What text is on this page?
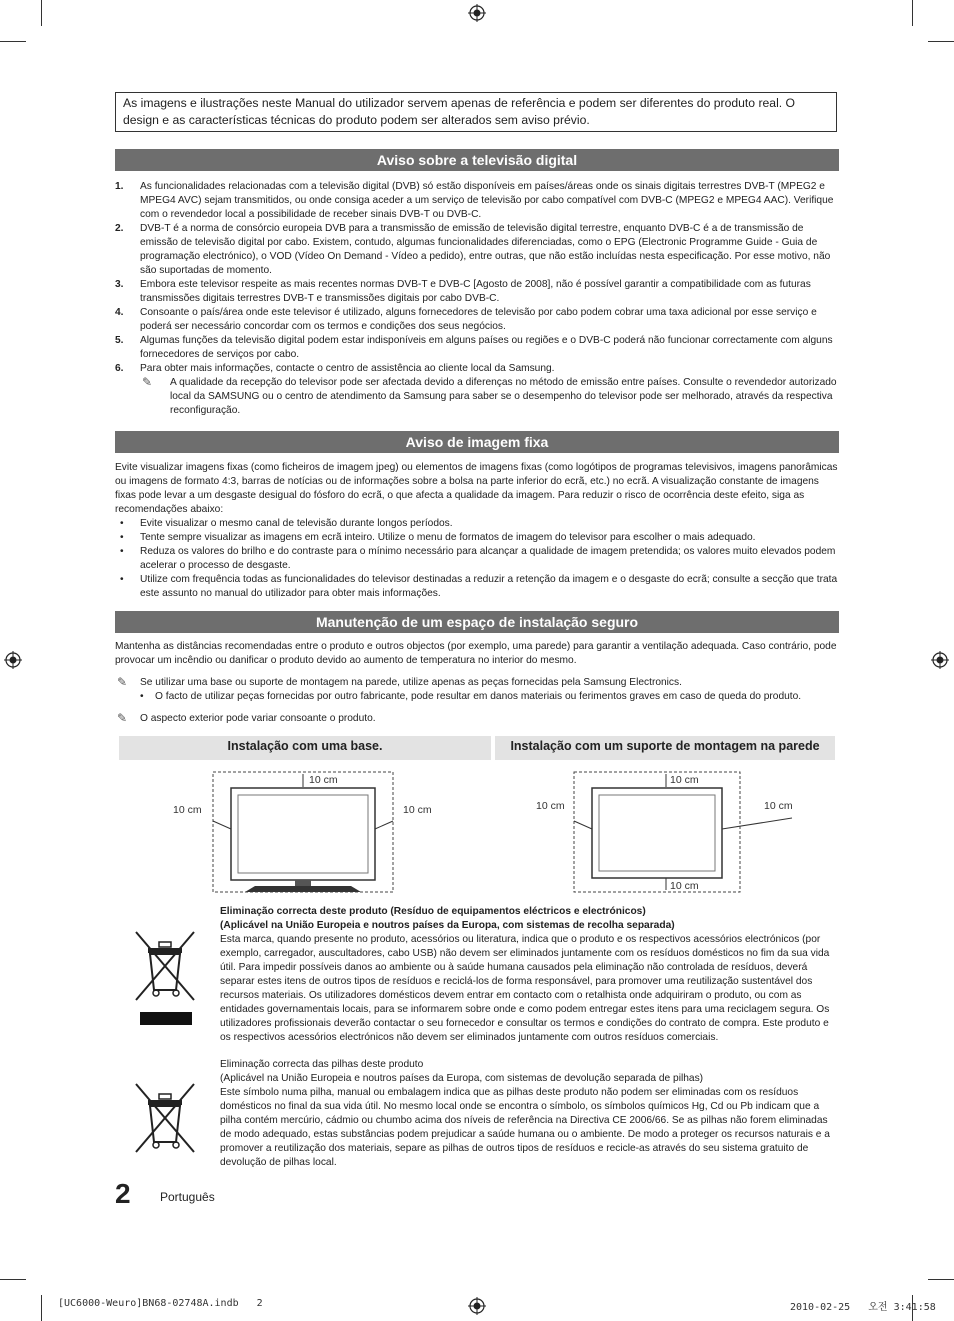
As imagens e ilustrações neste Manual do utilizador servem apenas de referência e podem ser diferentes do produto real. O design e as características técnicas do produto podem ser alterados sem aviso prévio.
Aviso sobre a televisão digital
1. As funcionalidades relacionadas com a televisão digital (DVB) só estão disponíveis em países/áreas onde os sinais digitais terrestres DVB-T (MPEG2 e MPEG4 AVC) sejam transmitidos, ou onde consiga aceder a um serviço de televisão por cabo compatível com DVB-C (MPEG2 e MPEG4 AAC). Verifique com o revendedor local a possibilidade de receber sinais DVB-T ou DVB-C.
2. DVB-T é a norma de consórcio europeia DVB para a transmissão de emissão de televisão digital terrestre, enquanto DVB-C é a de transmissão de emissão de televisão digital por cabo. Existem, contudo, algumas funcionalidades diferenciadas, como o EPG (Electronic Programme Guide - Guia de programação electrónico), o VOD (Vídeo On Demand - Vídeo a pedido), entre outras, que não estão incluídas nesta especificação. Por esse motivo, não são suportadas de momento.
3. Embora este televisor respeite as mais recentes normas DVB-T e DVB-C [Agosto de 2008], não é possível garantir a compatibilidade com as futuras transmissões digitais terrestres DVB-T e transmissões digitais por cabo DVB-C.
4. Consoante o país/área onde este televisor é utilizado, alguns fornecedores de televisão por cabo podem cobrar uma taxa adicional por esse serviço e poderá ser necessário concordar com os termos e condições dos seus negócios.
5. Algumas funções da televisão digital podem estar indisponíveis em alguns países ou regiões e o DVB-C poderá não funcionar correctamente com alguns fornecedores de serviços por cabo.
6. Para obter mais informações, contacte o centro de assistência ao cliente local da Samsung.
✎ A qualidade da recepção do televisor pode ser afectada devido a diferenças no método de emissão entre países. Consulte o revendedor autorizado local da SAMSUNG ou o centro de atendimento da Samsung para saber se o desempenho do televisor pode ser melhorado, através da respectiva reconfiguração.
Aviso de imagem fixa
Evite visualizar imagens fixas (como ficheiros de imagem jpeg) ou elementos de imagens fixas (como logótipos de programas televisivos, imagens panorâmicas ou imagens de formato 4:3, barras de notícias ou de informações sobre a bolsa na parte inferior do ecrã, etc.) no ecrã. A visualização constante de imagens fixas pode levar a um desgaste desigual do fósforo do ecrã, o que afecta a qualidade da imagem. Para reduzir o risco de ocorrência deste efeito, siga as recomendações abaixo:
• Evite visualizar o mesmo canal de televisão durante longos períodos.
• Tente sempre visualizar as imagens em ecrã inteiro. Utilize o menu de formatos de imagem do televisor para escolher o mais adequado.
• Reduza os valores do brilho e do contraste para o mínimo necessário para alcançar a qualidade de imagem pretendida; os valores muito elevados podem acelerar o processo de desgaste.
• Utilize com frequência todas as funcionalidades do televisor destinadas a reduzir a retenção da imagem e o desgaste do ecrã; consulte a secção que trata este assunto no manual do utilizador para obter mais informações.
Manutenção de um espaço de instalação seguro
Mantenha as distâncias recomendadas entre o produto e outros objectos (por exemplo, uma parede) para garantir a ventilação adequada. Caso contrário, pode provocar um incêndio ou danificar o produto devido ao aumento de temperatura no interior do mesmo.
✎ Se utilizar uma base ou suporte de montagem na parede, utilize apenas as peças fornecidas pela Samsung Electronics.
• O facto de utilizar peças fornecidas por outro fabricante, pode resultar em danos materiais ou ferimentos graves em caso de queda do produto.
✎ O aspecto exterior pode variar consoante o produto.
Instalação com uma base.	Instalação com um suporte de montagem na parede
10 cm
10 cm	10 cm
10 cm
10 cm	10 cm
10 cm
Eliminação correcta deste produto (Resíduo de equipamentos eléctricos e electrónicos)
(Aplicável na União Europeia e noutros países da Europa, com sistemas de recolha separada)
Esta marca, quando presente no produto, acessórios ou literatura, indica que o produto e os respectivos acessórios electrónicos (por exemplo, carregador, auscultadores, cabo USB) não devem ser eliminados juntamente com os resíduos domésticos no fim da sua vida útil. Para impedir possíveis danos ao ambiente ou à saúde humana causados pela eliminação não controlada de resíduos, deverá separar estes itens de outros tipos de resíduos e reciclá-los de forma responsável, para promover uma reutilização sustentável dos recursos materiais. Os utilizadores domésticos devem entrar em contacto com o retalhista onde adquiriram o produto, ou com as entidades governamentais locais, para se informarem sobre onde e como podem entregar estes itens para uma reciclagem segura. Os utilizadores profissionais deverão contactar o seu fornecedor e consultar os termos e condições do contrato de compra. Este produto e os respectivos acessórios electrónicos não devem ser eliminados juntamente com outros resíduos comerciais.
Eliminação correcta das pilhas deste produto
(Aplicável na União Europeia e noutros países da Europa, com sistemas de devolução separada de pilhas)
Este símbolo numa pilha, manual ou embalagem indica que as pilhas deste produto não podem ser eliminadas com os resíduos domésticos no final da sua vida útil. No mesmo local onde se encontra o símbolo, os símbolos químicos Hg, Cd ou Pb indicam que a pilha contém mercúrio, cádmio ou chumbo acima dos níveis de referência na Directiva CE 2006/66. Se as pilhas não forem eliminadas de modo adequado, estas substâncias podem prejudicar a saúde humana ou o ambiente. De modo a proteger os recursos naturais e a promover a reutilização dos materiais, separe as pilhas de outros tipos de resíduos e recicle-as através do seu sistema gratuito de devolução de pilhas local.
2 Português
[UC6000-Weuro]BN68-02748A.indb   2	2010-02-25   오전 3:41:58
